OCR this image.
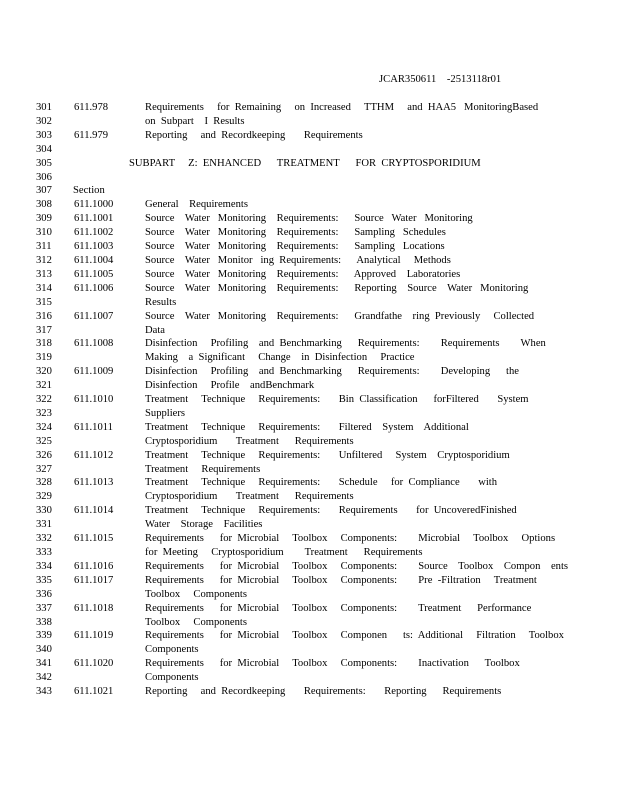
JCAR350611    -2513118r01
301 611.978	Requirements     for  Remaining     on  Increased     TTHM     and  HAA5   MonitoringBased
302	on  Subpart    I  Results
303 611.979	Reporting     and  Recordkeeping       Requirements
304
305	SUBPART     Z:  ENHANCED      TREATMENT      FOR  CRYPTOSPORIDIUM
306
307 Section
308 611.1000	General    Requirements
309 611.1001	Source    Water   Monitoring    Requirements:      Source   Water   Monitoring
310 611.1002	Source    Water   Monitoring    Requirements:      Sampling   Schedules
311 611.1003	Source    Water   Monitoring    Requirements:      Sampling   Locations
312 611.1004	Source    Water   Monitor   ing  Requirements:      Analytical     Methods
313 611.1005	Source    Water   Monitoring    Requirements:      Approved    Laboratories
314 611.1006	Source    Water   Monitoring    Requirements:      Reporting    Source    Water   Monitoring
315	Results
316 611.1007	Source    Water   Monitoring    Requirements:      Grandfathe    ring  Previously     Collected
317	Data
318 611.1008	Disinfection     Profiling    and  Benchmarking      Requirements:        Requirements        When
319	Making    a  Significant     Change    in  Disinfection     Practice
320 611.1009	Disinfection     Profiling    and  Benchmarking      Requirements:        Developing      the
321	Disinfection     Profile    andBenchmark
322 611.1010	Treatment     Technique     Requirements:       Bin  Classification      forFiltered       System
323	Suppliers
324 611.1011	Treatment     Technique     Requirements:       Filtered    System    Additional
325	Cryptosporidium       Treatment      Requirements
326 611.1012	Treatment     Technique     Requirements:       Unfiltered     System    Cryptosporidium
327	Treatment     Requirements
328 611.1013	Treatment     Technique     Requirements:       Schedule     for  Compliance       with
329	Cryptosporidium       Treatment      Requirements
330 611.1014	Treatment     Technique     Requirements:       Requirements       for  UncoveredFinished
331	Water    Storage    Facilities
332 611.1015	Requirements      for  Microbial     Toolbox     Components:        Microbial     Toolbox     Options
333	for  Meeting     Cryptosporidium        Treatment      Requirements
334 611.1016	Requirements      for  Microbial     Toolbox     Components:        Source    Toolbox    Compon    ents
335 611.1017	Requirements      for  Microbial     Toolbox     Components:        Pre  -Filtration     Treatment
336	Toolbox     Components
337 611.1018	Requirements      for  Microbial     Toolbox     Components:        Treatment      Performance
338	Toolbox     Components
339 611.1019	Requirements      for  Microbial     Toolbox     Componen      ts:  Additional     Filtration     Toolbox
340	Components
341 611.1020	Requirements      for  Microbial     Toolbox     Components:        Inactivation      Toolbox
342	Components
343 611.1021	Reporting     and  Recordkeeping       Requirements:       Reporting      Requirements
